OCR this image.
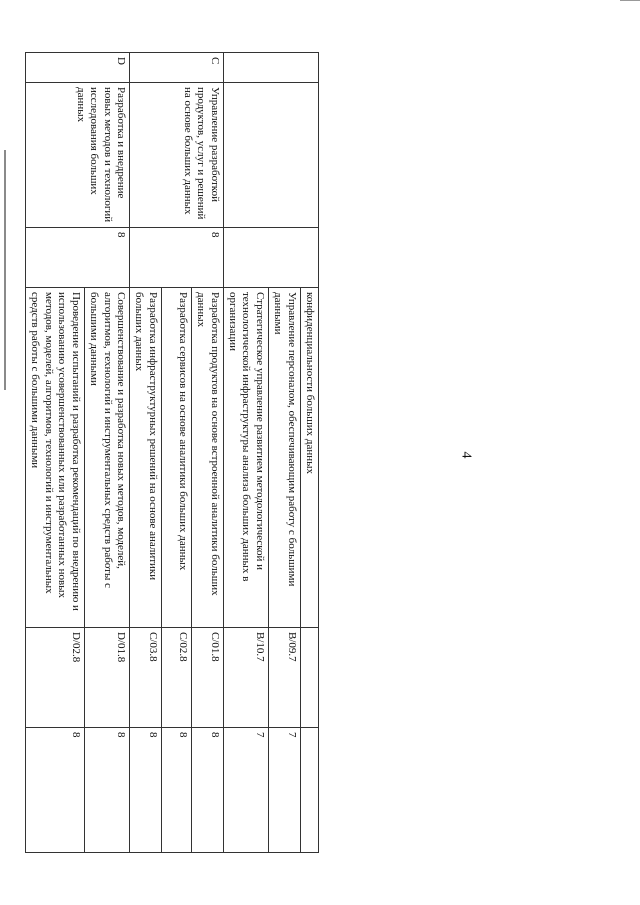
4
			конфиденциальности больших данных		
			Управление персоналом, обеспечивающим работу с большими данными	B/09.7	7
			Стратегическое управление развитием методологической и технологической инфраструктуры анализа больших данных в организации	B/10.7	7
C	Управление разработкой продуктов, услуг и решений на основе больших данных	8	Разработка продуктов на основе встроенной аналитики больших данных	C/01.8	8
			Разработка сервисов на основе аналитики больших данных	C/02.8	8
			Разработка инфраструктурных решений на основе аналитики больших данных	C/03.8	8
D	Разработка и внедрение новых методов и технологий исследования больших данных	8	Совершенствование и разработка новых методов, моделей, алгоритмов, технологий и инструментальных средств работы с большими данными	D/01.8	8
			Проведение испытаний и разработка рекомендаций по внедрению и использованию усовершенствованных или разработанных новых методов, моделей, алгоритмов, технологий и инструментальных средств работы с большими данными	D/02.8	8
